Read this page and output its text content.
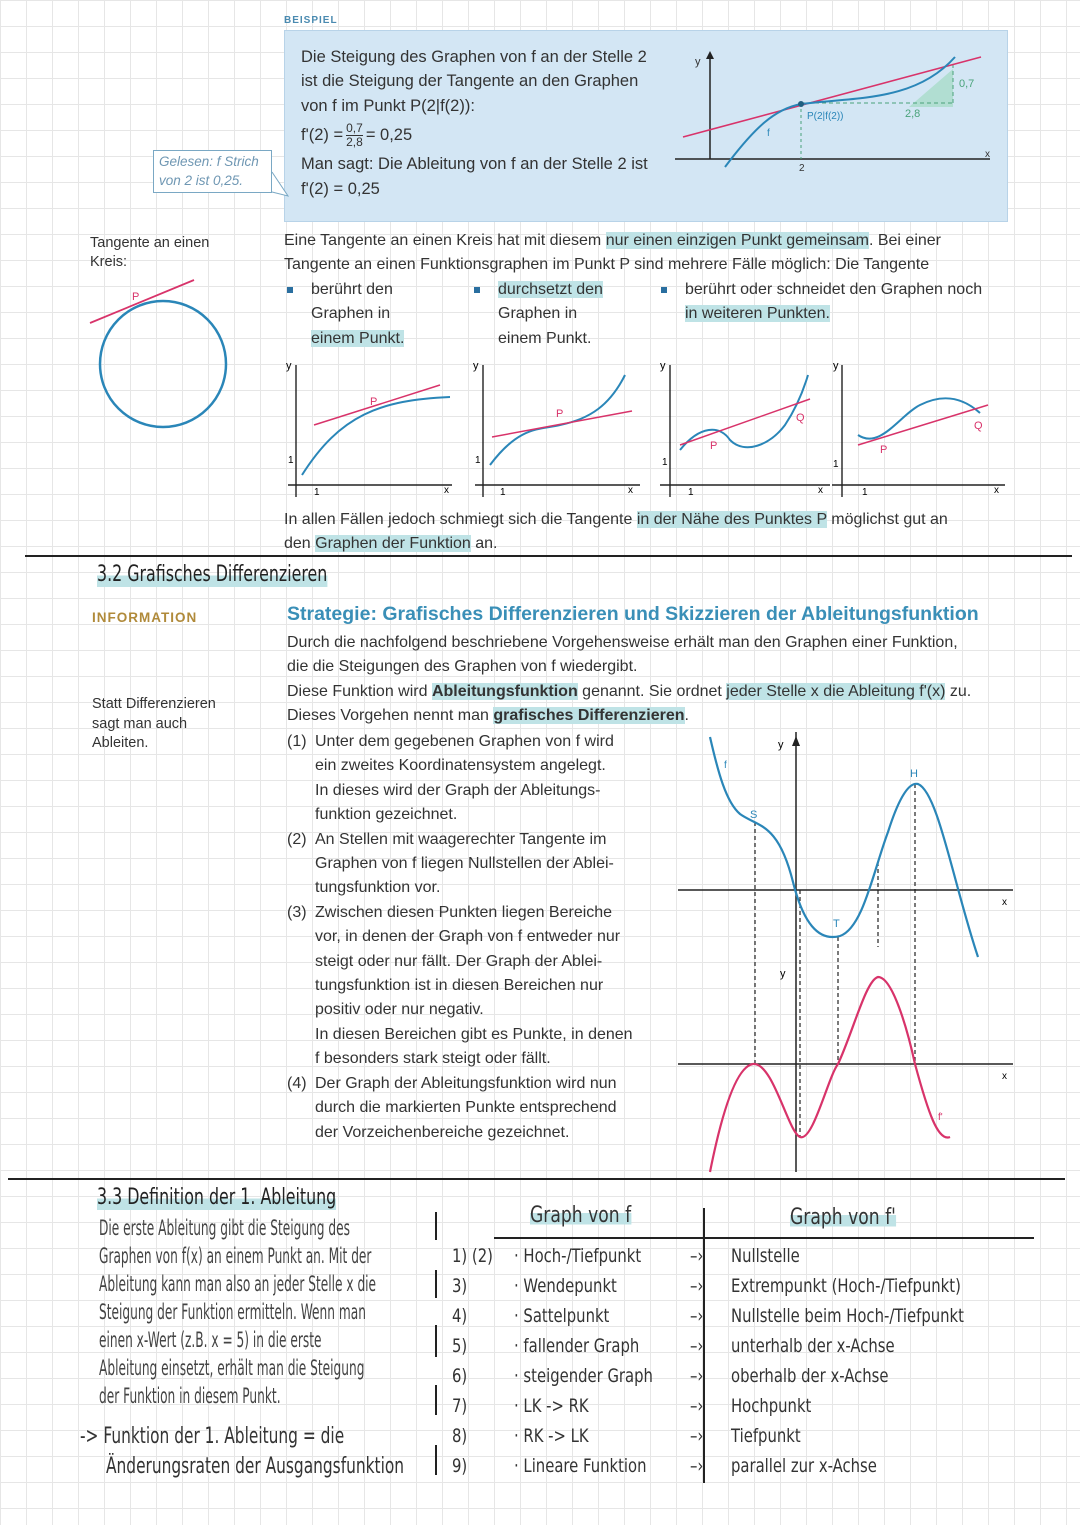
BEISPIEL
Die Steigung des Graphen von f an der Stelle 2
ist die Steigung der Tangente an den Graphen
von f im Punkt P(2|f(2)):
$f'(2) = \frac{0,7}{2,8} = 0,25$
Man sagt: Die Ableitung von f an der Stelle 2 ist
f'(2) = 0,25
y
x
f
2
P(2|f(2))
0,7
2,8
Gelesen: f Strich
von 2 ist 0,25.
Tangente an einen
Kreis:
P
Eine Tangente an einen Kreis hat mit diesem nur einen einzigen Punkt gemeinsam. Bei einer
Tangente an einen Funktionsgraphen im Punkt P sind mehrere Fälle möglich: Die Tangente
berührt den
Graphen in
einem Punkt.
durchsetzt den
Graphen in
einem Punkt.
berührt oder schneidet den Graphen noch
in weiteren Punkten.
y
x
1
1
P
y
x
1
1
P
y
x
1
1
P
Q
y
x
1
1
P
Q
In allen Fällen jedoch schmiegt sich die Tangente in der Nähe des Punktes P möglichst gut an
den Graphen der Funktion an.
3.2 Grafisches Differenzieren
INFORMATION
Statt Differenzieren
sagt man auch
Ableiten.
Strategie: Grafisches Differenzieren und Skizzieren der Ableitungsfunktion
Durch die nachfolgend beschriebene Vorgehensweise erhält man den Graphen einer Funktion,
die die Steigungen des Graphen von f wiedergibt.
Diese Funktion wird Ableitungsfunktion genannt. Sie ordnet jeder Stelle x die Ableitung f'(x) zu.
Dieses Vorgehen nennt man grafisches Differenzieren.
(1) Unter dem gegebenen Graphen von f wird
ein zweites Koordinatensystem angelegt.
In dieses wird der Graph der Ableitungs-
funktion gezeichnet.
(2) An Stellen mit waagerechter Tangente im
Graphen von f liegen Nullstellen der Ablei-
tungsfunktion vor.
(3) Zwischen diesen Punkten liegen Bereiche
vor, in denen der Graph von f entweder nur
steigt oder nur fällt. Der Graph der Ablei-
tungsfunktion ist in diesen Bereichen nur
positiv oder nur negativ.
In diesen Bereichen gibt es Punkte, in denen
f besonders stark steigt oder fällt.
(4) Der Graph der Ableitungsfunktion wird nun
durch die markierten Punkte entsprechend
der Vorzeichenbereiche gezeichnet.
y
x
y
x
f
S
T
H
f'
3.3 Definition der 1. Ableitung
Die erste Ableitung gibt die Steigung des
Graphen von f(x) an einem Punkt an. Mit der
Ableitung kann man also an jeder Stelle x die
Steigung der Funktion ermitteln. Wenn man
einen x-Wert (z.B. x = 5) in die erste
Ableitung einsetzt, erhält man die Steigung
der Funktion in diesem Punkt.
-> Funktion der 1. Ableitung = die
Änderungsraten der Ausgangsfunktion
Graph von f	Graph von f'
1) (2) · Hoch-/Tiefpunkt	–› Nullstelle
3) · Wendepunkt	–› Extrempunkt (Hoch-/Tiefpunkt)
4) · Sattelpunkt	–› Nullstelle beim Hoch-/Tiefpunkt
5) · fallender Graph	–› unterhalb der x-Achse
6) · steigender Graph –› oberhalb der x-Achse
7) · LK -> RK	–› Hochpunkt
8) · RK -> LK	–› Tiefpunkt
9) · Lineare Funktion –› parallel zur x-Achse
